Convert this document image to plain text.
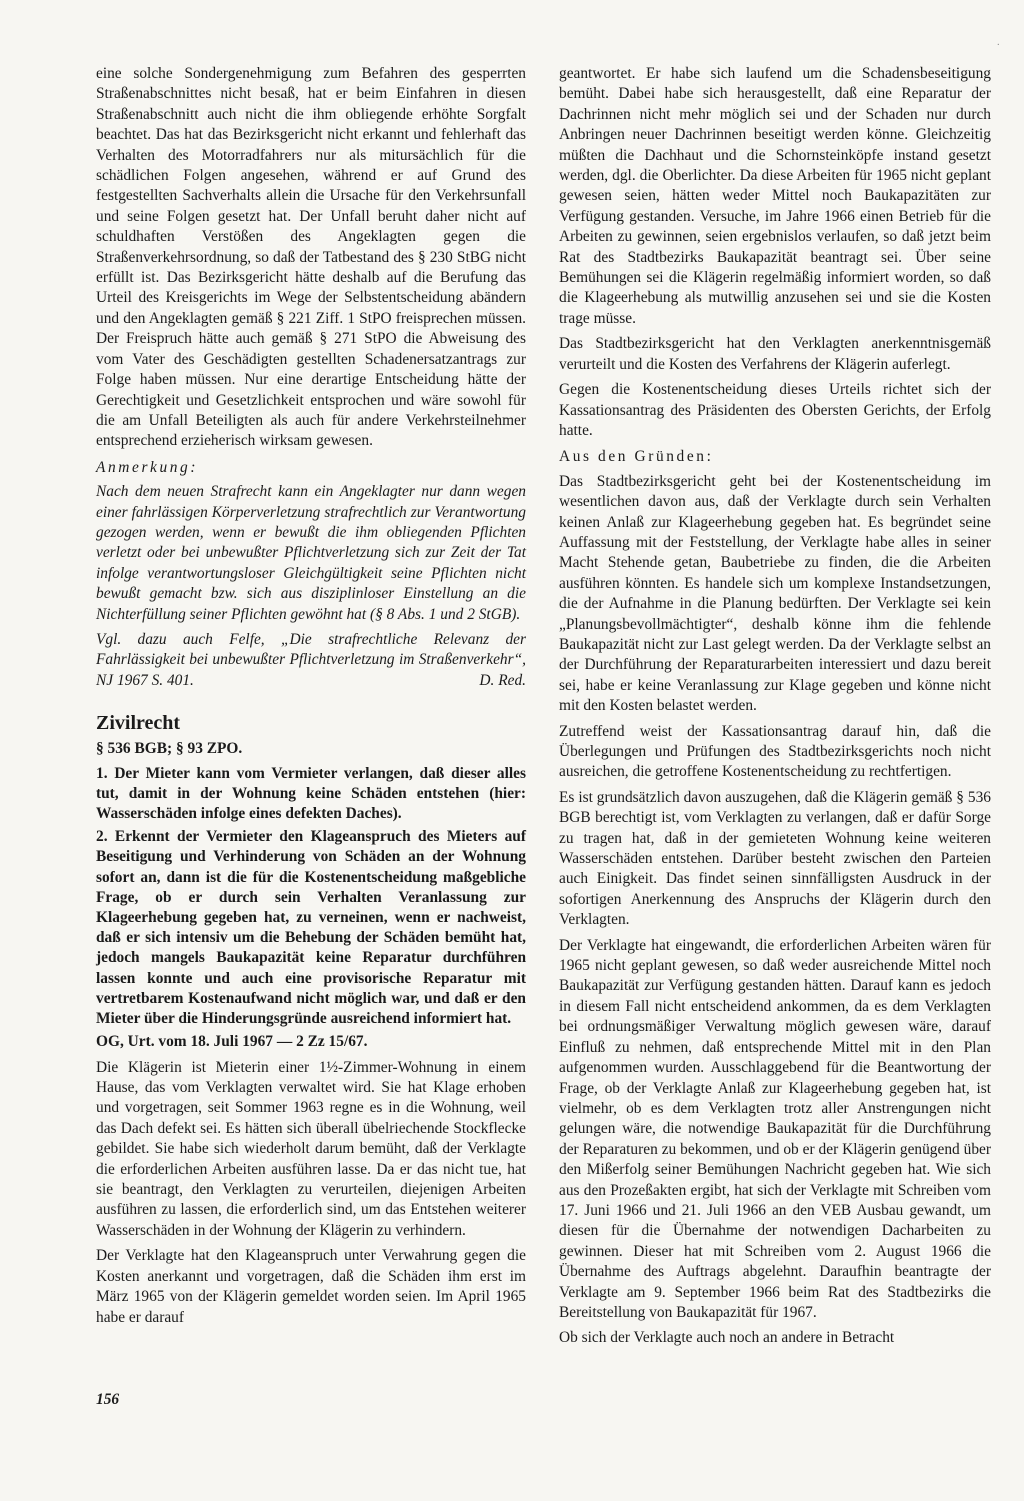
eine solche Sondergenehmigung zum Befahren des gesperrten Straßenabschnittes nicht besaß, hat er beim Einfahren in diesen Straßenabschnitt auch nicht die ihm obliegende erhöhte Sorgfalt beachtet. Das hat das Bezirksgericht nicht erkannt und fehlerhaft das Verhalten des Motorradfahrers nur als mitursächlich für die schädlichen Folgen angesehen, während er auf Grund des festgestellten Sachverhalts allein die Ursache für den Verkehrsunfall und seine Folgen gesetzt hat. Der Unfall beruht daher nicht auf schuldhaften Verstößen des Angeklagten gegen die Straßenverkehrsordnung, so daß der Tatbestand des § 230 StBG nicht erfüllt ist. Das Bezirksgericht hätte deshalb auf die Berufung das Urteil des Kreisgerichts im Wege der Selbstentscheidung abändern und den Angeklagten gemäß § 221 Ziff. 1 StPO freisprechen müssen. Der Freispruch hätte auch gemäß § 271 StPO die Abweisung des vom Vater des Geschädigten gestellten Schadenersatzantrags zur Folge haben müssen. Nur eine derartige Entscheidung hätte der Gerechtigkeit und Gesetzlichkeit entsprochen und wäre sowohl für die am Unfall Beteiligten als auch für andere Verkehrsteilnehmer entsprechend erzieherisch wirksam gewesen.

Anmerkung:

Nach dem neuen Strafrecht kann ein Angeklagter nur dann wegen einer fahrlässigen Körperverletzung strafrechtlich zur Verantwortung gezogen werden, wenn er bewußt die ihm obliegenden Pflichten verletzt oder bei unbewußter Pflichtverletzung sich zur Zeit der Tat infolge verantwortungsloser Gleichgültigkeit seine Pflichten nicht bewußt gemacht bzw. sich aus disziplinloser Einstellung an die Nichterfüllung seiner Pflichten gewöhnt hat (§ 8 Abs. 1 und 2 StGB).

Vgl. dazu auch Felfe, „Die strafrechtliche Relevanz der Fahrlässigkeit bei unbewußter Pflichtverletzung im Straßenverkehr“, NJ 1967 S. 401.	D. Red.

Zivilrecht

§ 536 BGB; § 93 ZPO.

1. Der Mieter kann vom Vermieter verlangen, daß dieser alles tut, damit in der Wohnung keine Schäden entstehen (hier: Wasserschäden infolge eines defekten Daches).

2. Erkennt der Vermieter den Klageanspruch des Mieters auf Beseitigung und Verhinderung von Schäden an der Wohnung sofort an, dann ist die für die Kostenentscheidung maßgebliche Frage, ob er durch sein Verhalten Veranlassung zur Klageerhebung gegeben hat, zu verneinen, wenn er nachweist, daß er sich intensiv um die Behebung der Schäden bemüht hat, jedoch mangels Baukapazität keine Reparatur durchführen lassen konnte und auch eine provisorische Reparatur mit vertretbarem Kostenaufwand nicht möglich war, und daß er den Mieter über die Hinderungsgründe ausreichend informiert hat.

OG, Urt. vom 18. Juli 1967 — 2 Zz 15/67.

Die Klägerin ist Mieterin einer 1½-Zimmer-Wohnung in einem Hause, das vom Verklagten verwaltet wird. Sie hat Klage erhoben und vorgetragen, seit Sommer 1963 regne es in die Wohnung, weil das Dach defekt sei. Es hätten sich überall übelriechende Stockflecke gebildet. Sie habe sich wiederholt darum bemüht, daß der Verklagte die erforderlichen Arbeiten ausführen lasse. Da er das nicht tue, hat sie beantragt, den Verklagten zu verurteilen, diejenigen Arbeiten ausführen zu lassen, die erforderlich sind, um das Entstehen weiterer Wasserschäden in der Wohnung der Klägerin zu verhindern.

Der Verklagte hat den Klageanspruch unter Verwahrung gegen die Kosten anerkannt und vorgetragen, daß die Schäden ihm erst im März 1965 von der Klägerin gemeldet worden seien. Im April 1965 habe er darauf

geantwortet. Er habe sich laufend um die Schadensbeseitigung bemüht. Dabei habe sich herausgestellt, daß eine Reparatur der Dachrinnen nicht mehr möglich sei und der Schaden nur durch Anbringen neuer Dachrinnen beseitigt werden könne. Gleichzeitig müßten die Dachhaut und die Schornsteinköpfe instand gesetzt werden, dgl. die Oberlichter. Da diese Arbeiten für 1965 nicht geplant gewesen seien, hätten weder Mittel noch Baukapazitäten zur Verfügung gestanden. Versuche, im Jahre 1966 einen Betrieb für die Arbeiten zu gewinnen, seien ergebnislos verlaufen, so daß jetzt beim Rat des Stadtbezirks Baukapazität beantragt sei. Über seine Bemühungen sei die Klägerin regelmäßig informiert worden, so daß die Klageerhebung als mutwillig anzusehen sei und sie die Kosten trage müsse.

Das Stadtbezirksgericht hat den Verklagten anerkenntnisgemäß verurteilt und die Kosten des Verfahrens der Klägerin auferlegt.

Gegen die Kostenentscheidung dieses Urteils richtet sich der Kassationsantrag des Präsidenten des Obersten Gerichts, der Erfolg hatte.

Aus den Gründen:

Das Stadtbezirksgericht geht bei der Kostenentscheidung im wesentlichen davon aus, daß der Verklagte durch sein Verhalten keinen Anlaß zur Klageerhebung gegeben hat. Es begründet seine Auffassung mit der Feststellung, der Verklagte habe alles in seiner Macht Stehende getan, Baubetriebe zu finden, die die Arbeiten ausführen könnten. Es handele sich um komplexe Instandsetzungen, die der Aufnahme in die Planung bedürften. Der Verklagte sei kein „Planungsbevollmächtigter“, deshalb könne ihm die fehlende Baukapazität nicht zur Last gelegt werden. Da der Verklagte selbst an der Durchführung der Reparaturarbeiten interessiert und dazu bereit sei, habe er keine Veranlassung zur Klage gegeben und könne nicht mit den Kosten belastet werden.

Zutreffend weist der Kassationsantrag darauf hin, daß die Überlegungen und Prüfungen des Stadtbezirksgerichts noch nicht ausreichen, die getroffene Kostenentscheidung zu rechtfertigen.

Es ist grundsätzlich davon auszugehen, daß die Klägerin gemäß § 536 BGB berechtigt ist, vom Verklagten zu verlangen, daß er dafür Sorge zu tragen hat, daß in der gemieteten Wohnung keine weiteren Wasserschäden entstehen. Darüber besteht zwischen den Parteien auch Einigkeit. Das findet seinen sinnfälligsten Ausdruck in der sofortigen Anerkennung des Anspruchs der Klägerin durch den Verklagten.

Der Verklagte hat eingewandt, die erforderlichen Arbeiten wären für 1965 nicht geplant gewesen, so daß weder ausreichende Mittel noch Baukapazität zur Verfügung gestanden hätten. Darauf kann es jedoch in diesem Fall nicht entscheidend ankommen, da es dem Verklagten bei ordnungsmäßiger Verwaltung möglich gewesen wäre, darauf Einfluß zu nehmen, daß entsprechende Mittel mit in den Plan aufgenommen wurden. Ausschlaggebend für die Beantwortung der Frage, ob der Verklagte Anlaß zur Klageerhebung gegeben hat, ist vielmehr, ob es dem Verklagten trotz aller Anstrengungen nicht gelungen wäre, die notwendige Baukapazität für die Durchführung der Reparaturen zu bekommen, und ob er der Klägerin genügend über den Mißerfolg seiner Bemühungen Nachricht gegeben hat. Wie sich aus den Prozeßakten ergibt, hat sich der Verklagte mit Schreiben vom 17. Juni 1966 und 21. Juli 1966 an den VEB Ausbau gewandt, um diesen für die Übernahme der notwendigen Dacharbeiten zu gewinnen. Dieser hat mit Schreiben vom 2. August 1966 die Übernahme des Auftrags abgelehnt. Daraufhin beantragte der Verklagte am 9. September 1966 beim Rat des Stadtbezirks die Bereitstellung von Baukapazität für 1967.

Ob sich der Verklagte auch noch an andere in Betracht

156
·
